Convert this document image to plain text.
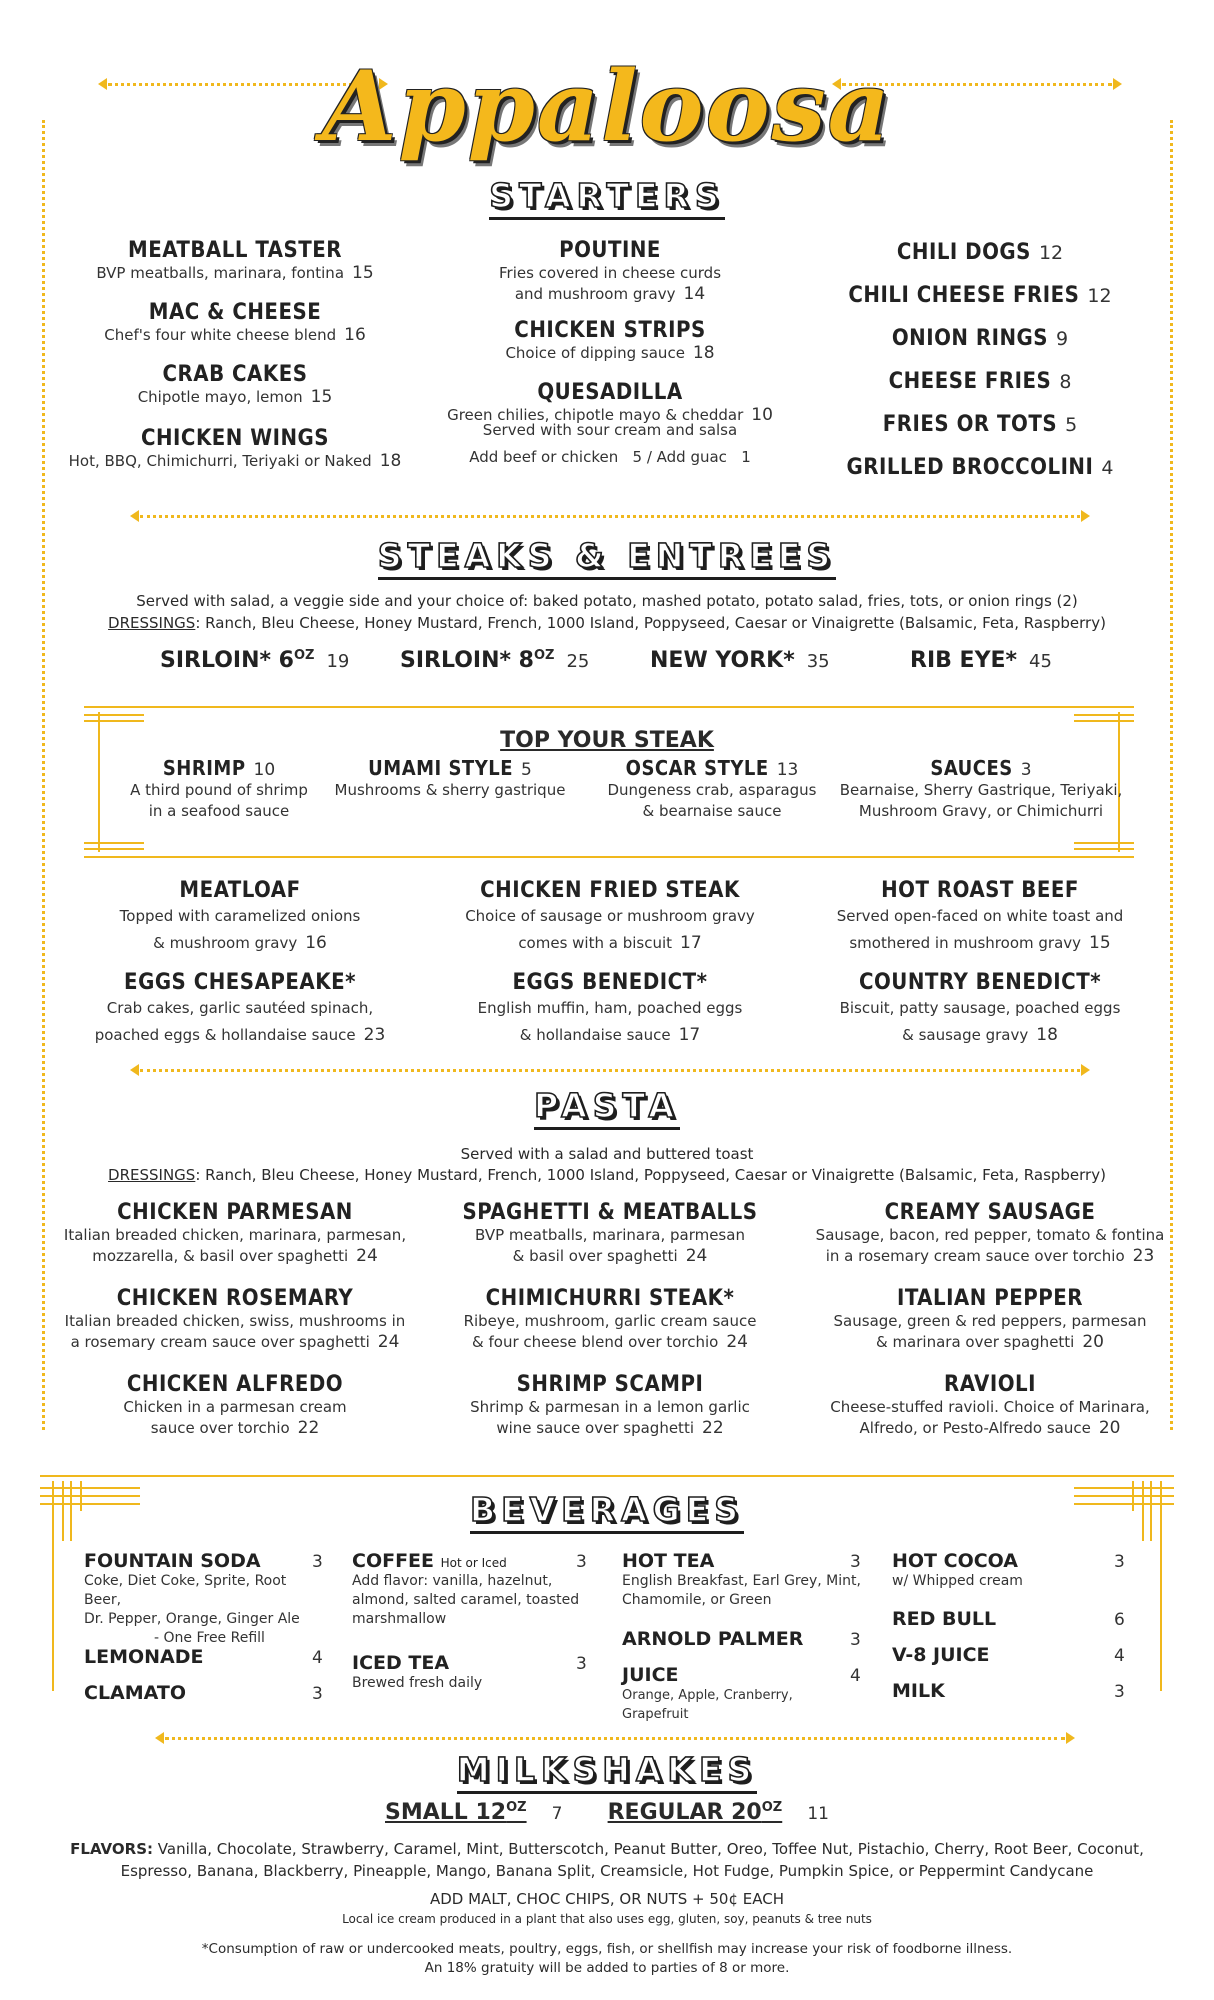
Appaloosa
STARTERS
MEATBALL TASTER
BVP meatballs, marinara, fontina 15
MAC & CHEESE
Chef's four white cheese blend 16
CRAB CAKES
Chipotle mayo, lemon 15
CHICKEN WINGS
Hot, BBQ, Chimichurri, Teriyaki or Naked 18
POUTINE
Fries covered in cheese curds
and mushroom gravy 14
CHICKEN STRIPS
Choice of dipping sauce 18
QUESADILLA
Green chilies, chipotle mayo & cheddar 10
Served with sour cream and salsa
Add beef or chicken   5 / Add guac   1
CHILI DOGS 12
CHILI CHEESE FRIES 12
ONION RINGS 9
CHEESE FRIES 8
FRIES OR TOTS 5
GRILLED BROCCOLINI 4
STEAKS & ENTREES
Served with salad, a veggie side and your choice of: baked potato, mashed potato, potato salad, fries, tots, or onion rings (2)
DRESSINGS: Ranch, Bleu Cheese, Honey Mustard, French, 1000 Island, Poppyseed, Caesar or Vinaigrette (Balsamic, Feta, Raspberry)
SIRLOIN* $6^{OZ}$ 19 SIRLOIN* $8^{OZ}$ 25	NEW YORK* 35	RIB EYE* 45
TOP YOUR STEAK
SHRIMP 10
A third pound of shrimp
in a seafood sauce
UMAMI STYLE 5
Mushrooms & sherry gastrique
OSCAR STYLE 13
Dungeness crab, asparagus
& bearnaise sauce
SAUCES 3
Bearnaise, Sherry Gastrique, Teriyaki,
Mushroom Gravy, or Chimichurri
MEATLOAF
Topped with caramelized onions
& mushroom gravy 16
CHICKEN FRIED STEAK
Choice of sausage or mushroom gravy
comes with a biscuit 17
HOT ROAST BEEF
Served open-faced on white toast and
smothered in mushroom gravy 15
EGGS CHESAPEAKE*
Crab cakes, garlic sautéed spinach,
poached eggs & hollandaise sauce 23
EGGS BENEDICT*
English muffin, ham, poached eggs
& hollandaise sauce 17
COUNTRY BENEDICT*
Biscuit, patty sausage, poached eggs
& sausage gravy 18
PASTA
Served with a salad and buttered toast
DRESSINGS: Ranch, Bleu Cheese, Honey Mustard, French, 1000 Island, Poppyseed, Caesar or Vinaigrette (Balsamic, Feta, Raspberry)
CHICKEN PARMESAN
Italian breaded chicken, marinara, parmesan,
mozzarella, & basil over spaghetti 24
SPAGHETTI & MEATBALLS
BVP meatballs, marinara, parmesan
& basil over spaghetti 24
CREAMY SAUSAGE
Sausage, bacon, red pepper, tomato & fontina
in a rosemary cream sauce over torchio 23
CHICKEN ROSEMARY
Italian breaded chicken, swiss, mushrooms in
a rosemary cream sauce over spaghetti 24
CHIMICHURRI STEAK*
Ribeye, mushroom, garlic cream sauce
& four cheese blend over torchio 24
ITALIAN PEPPER
Sausage, green & red peppers, parmesan
& marinara over spaghetti 20
CHICKEN ALFREDO
Chicken in a parmesan cream
sauce over torchio 22
SHRIMP SCAMPI
Shrimp & parmesan in a lemon garlic
wine sauce over spaghetti 22
RAVIOLI
Cheese-stuffed ravioli. Choice of Marinara,
Alfredo, or Pesto-Alfredo sauce 20
BEVERAGES
FOUNTAIN SODA	3
Coke, Diet Coke, Sprite, Root Beer,
Dr. Pepper, Orange, Ginger Ale
- One Free Refill
LEMONADE	4
CLAMATO	3
COFFEE Hot or Iced	3
Add flavor: vanilla, hazelnut,
almond, salted caramel, toasted
marshmallow
ICED TEA	3
Brewed fresh daily
HOT TEA	3
English Breakfast, Earl Grey, Mint,
Chamomile, or Green
ARNOLD PALMER	3
JUICE	4
Orange, Apple, Cranberry, Grapefruit
HOT COCOA	3
w/ Whipped cream
RED BULL	6
V-8 JUICE	4
MILK	3
MILKSHAKES
SMALL $12^{OZ}$ 7 REGULAR $20^{OZ}$ 11
FLAVORS: Vanilla, Chocolate, Strawberry, Caramel, Mint, Butterscotch, Peanut Butter, Oreo, Toffee Nut, Pistachio, Cherry, Root Beer, Coconut,
Espresso, Banana, Blackberry, Pineapple, Mango, Banana Split, Creamsicle, Hot Fudge, Pumpkin Spice, or Peppermint Candycane
ADD MALT, CHOC CHIPS, OR NUTS + 50¢ EACH
Local ice cream produced in a plant that also uses egg, gluten, soy, peanuts & tree nuts
*Consumption of raw or undercooked meats, poultry, eggs, fish, or shellfish may increase your risk of foodborne illness.
An 18% gratuity will be added to parties of 8 or more.
